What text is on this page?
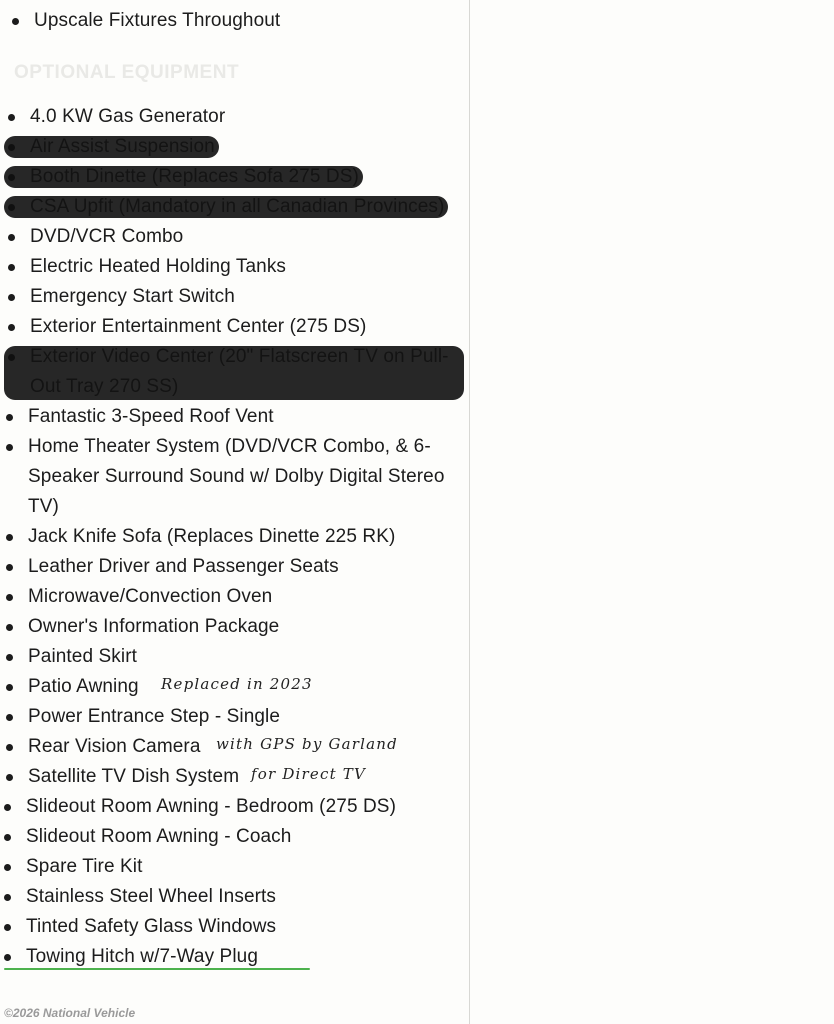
Upscale Fixtures Throughout
OPTIONAL EQUIPMENT
4.0 KW Gas Generator
DVD/VCR Combo
Electric Heated Holding Tanks
Emergency Start Switch
Exterior Entertainment Center (275 DS)
Fantastic 3-Speed Roof Vent
Home Theater System (DVD/VCR Combo, & 6-Speaker Surround Sound w/ Dolby Digital Stereo TV)
Jack Knife Sofa (Replaces Dinette 225 RK)
Leather Driver and Passenger Seats
Microwave/Convection Oven
Owner's Information Package
Painted Skirt
Patio Awning Replaced in 2023
Power Entrance Step - Single
Rear Vision Camera with GPS by Garland
Satellite TV Dish System for Direct TV
Slideout Room Awning - Bedroom (275 DS)
Slideout Room Awning - Coach
Spare Tire Kit
Stainless Steel Wheel Inserts
Tinted Safety Glass Windows
Towing Hitch w/7-Way Plug
©2026 National Vehicle
